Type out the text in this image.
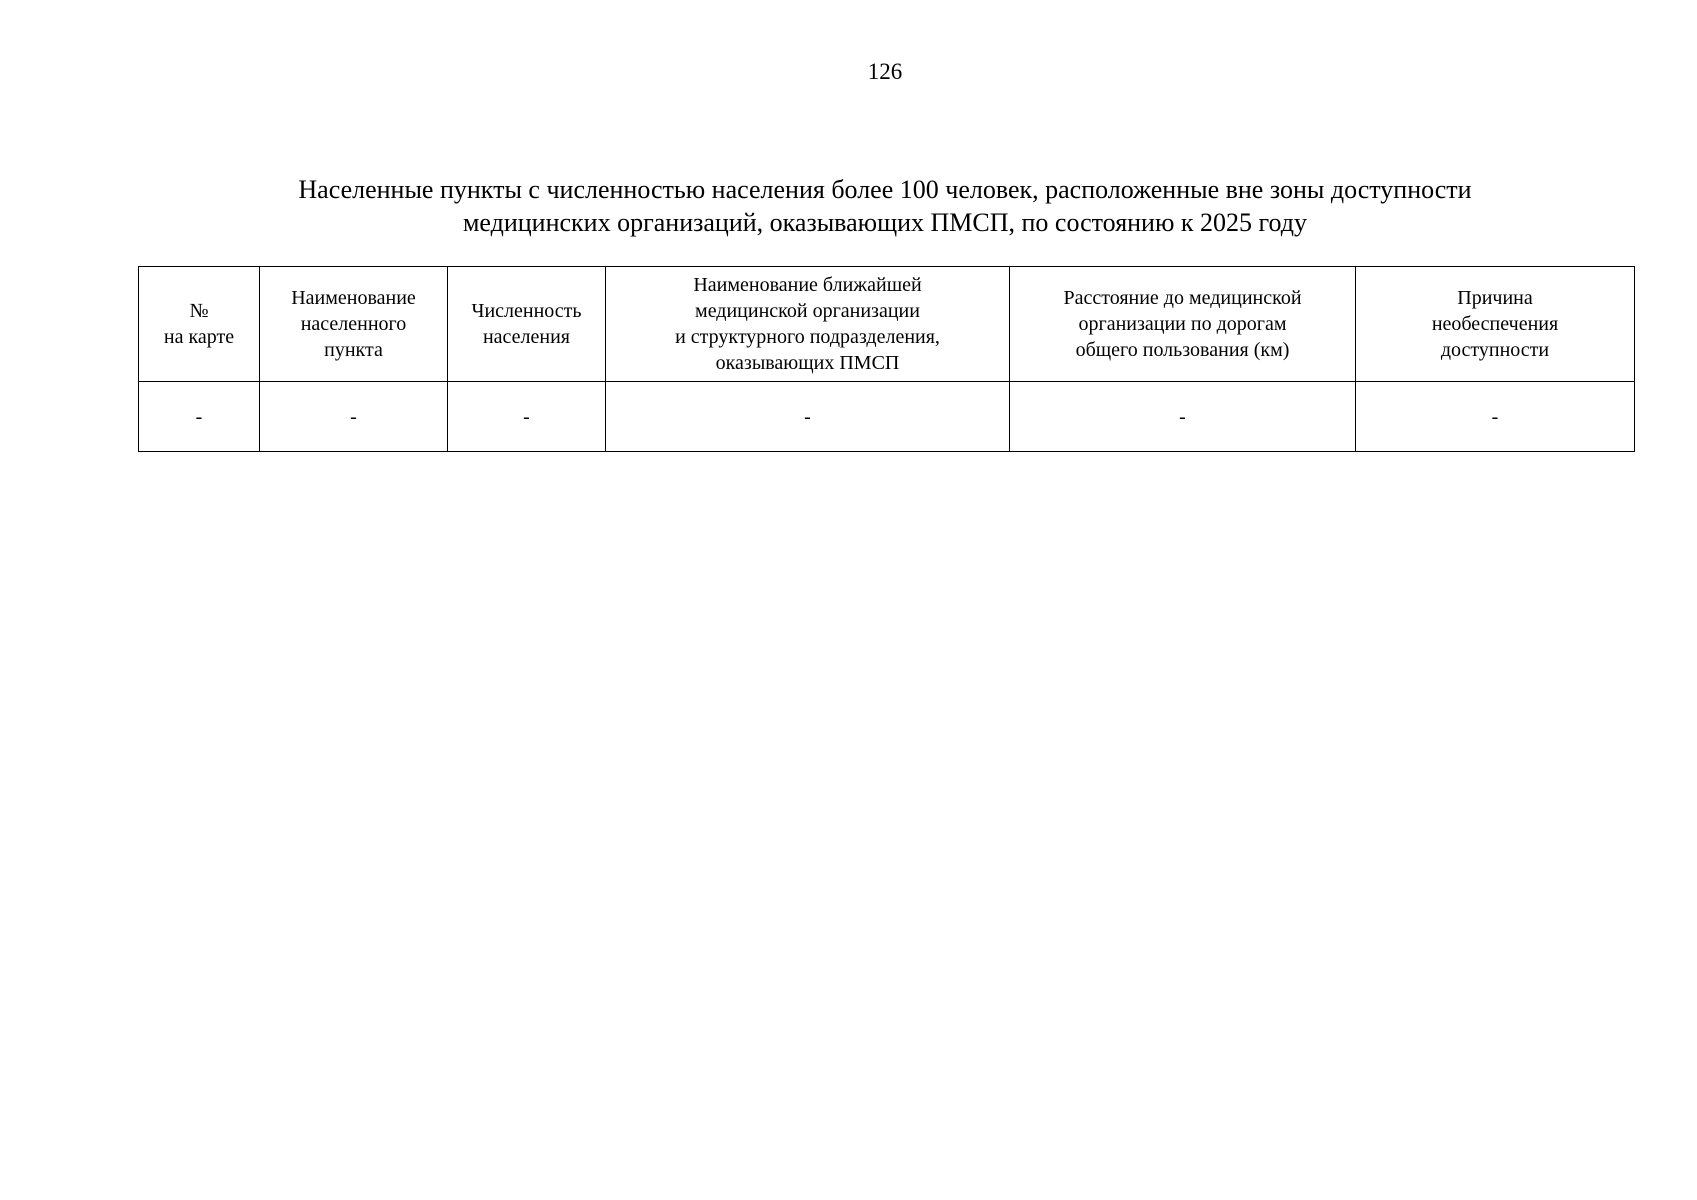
126
Населенные пункты с численностью населения более 100 человек, расположенные вне зоны доступности
медицинских организаций, оказывающих ПМСП, по состоянию к 2025 году
№
на карте	Наименование
населенного
пункта	Численность
населения	Наименование ближайшей
медицинской организации
и структурного подразделения,
оказывающих ПМСП	Расстояние до медицинской
организации по дорогам
общего пользования (км)	Причина
необеспечения
доступности

-	-	-	-	-	-
